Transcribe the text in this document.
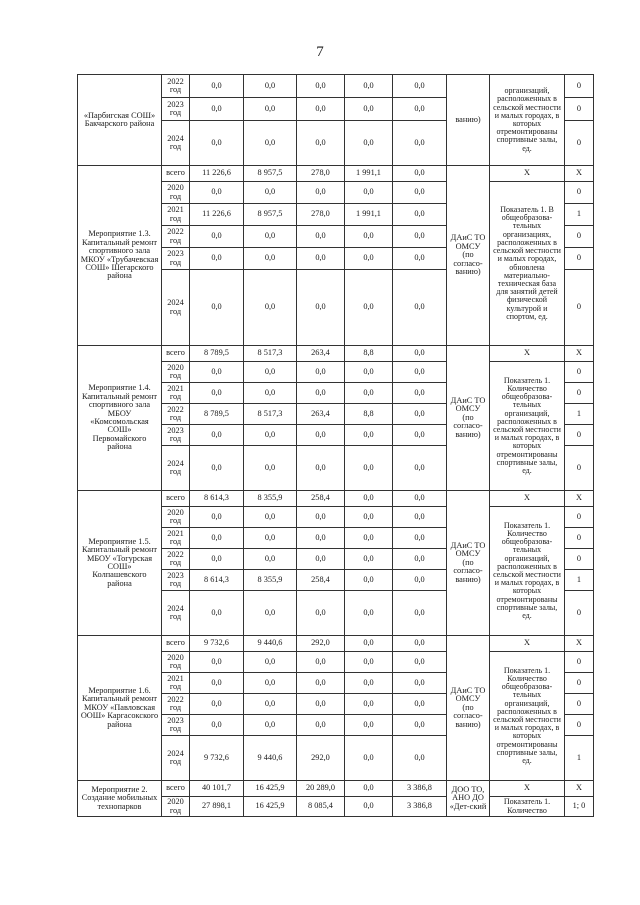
7
«Парбигская СОШ» Бакчарского района	2022 год	0,0	0,0	0,0	0,0	0,0	ванию)	организаций, расположенных в сельской местности и малых городах, в которых отремонтированы спортивные залы, ед.	0
	2023 год	0,0	0,0	0,0	0,0	0,0			0
	2024 год	0,0	0,0	0,0	0,0	0,0			0
Мероприятие 1.3. Капитальный ремонт спортивного зала МКОУ «Трубачевская СОШ» Шегарского района	всего	11 226,6	8 957,5	278,0	1 991,1	0,0	ДАиС ТО ОМСУ (по согласо-ванию)	X	X
	2020 год	0,0	0,0	0,0	0,0	0,0		Показатель 1. В общеобразова-тельных организациях, расположенных в сельской местности и малых городах, обновлена материально-техническая база для занятий детей физической культурой и спортом, ед.	0
	2021 год	11 226,6	8 957,5	278,0	1 991,1	0,0			1
	2022 год	0,0	0,0	0,0	0,0	0,0			0
	2023 год	0,0	0,0	0,0	0,0	0,0			0
	2024 год	0,0	0,0	0,0	0,0	0,0			0
Мероприятие 1.4. Капитальный ремонт спортивного зала МБОУ «Комсомольская СОШ» Первомайского района	всего	8 789,5	8 517,3	263,4	8,8	0,0	ДАиС ТО ОМСУ (по согласо-ванию)	X	X
	2020 год	0,0	0,0	0,0	0,0	0,0		Показатель 1. Количество общеобразова-тельных организаций, расположенных в сельской местности и малых городах, в которых отремонтированы спортивные залы, ед.	0
	2021 год	0,0	0,0	0,0	0,0	0,0			0
	2022 год	8 789,5	8 517,3	263,4	8,8	0,0			1
	2023 год	0,0	0,0	0,0	0,0	0,0			0
	2024 год	0,0	0,0	0,0	0,0	0,0			0
Мероприятие 1.5. Капитальный ремонт МБОУ «Тогурская СОШ» Колпашевского района	всего	8 614,3	8 355,9	258,4	0,0	0,0	ДАиС ТО ОМСУ (по согласо-ванию)	X	X
	2020 год	0,0	0,0	0,0	0,0	0,0		Показатель 1. Количество общеобразова-тельных организаций, расположенных в сельской местности и малых городах, в которых отремонтированы спортивные залы, ед.	0
	2021 год	0,0	0,0	0,0	0,0	0,0			0
	2022 год	0,0	0,0	0,0	0,0	0,0			0
	2023 год	8 614,3	8 355,9	258,4	0,0	0,0			1
	2024 год	0,0	0,0	0,0	0,0	0,0			0
Мероприятие 1.6. Капитальный ремонт МКОУ «Павловская ООШ» Каргасокского района	всего	9 732,6	9 440,6	292,0	0,0	0,0	ДАиС ТО ОМСУ (по согласо-ванию)	X	X
	2020 год	0,0	0,0	0,0	0,0	0,0		Показатель 1. Количество общеобразова-тельных организаций, расположенных в сельской местности и малых городах, в которых отремонтированы спортивные залы, ед.	0
	2021 год	0,0	0,0	0,0	0,0	0,0			0
	2022 год	0,0	0,0	0,0	0,0	0,0			0
	2023 год	0,0	0,0	0,0	0,0	0,0			0
	2024 год	9 732,6	9 440,6	292,0	0,0	0,0			1
Мероприятие 2. Создание мобильных технопарков	всего	40 101,7	16 425,9	20 289,0	0,0	3 386,8	ДОО ТО, АНО ДО «Дет-ский	X	X
	2020 год	27 898,1	16 425,9	8 085,4	0,0	3 386,8		Показатель 1. Количество	1; 0
